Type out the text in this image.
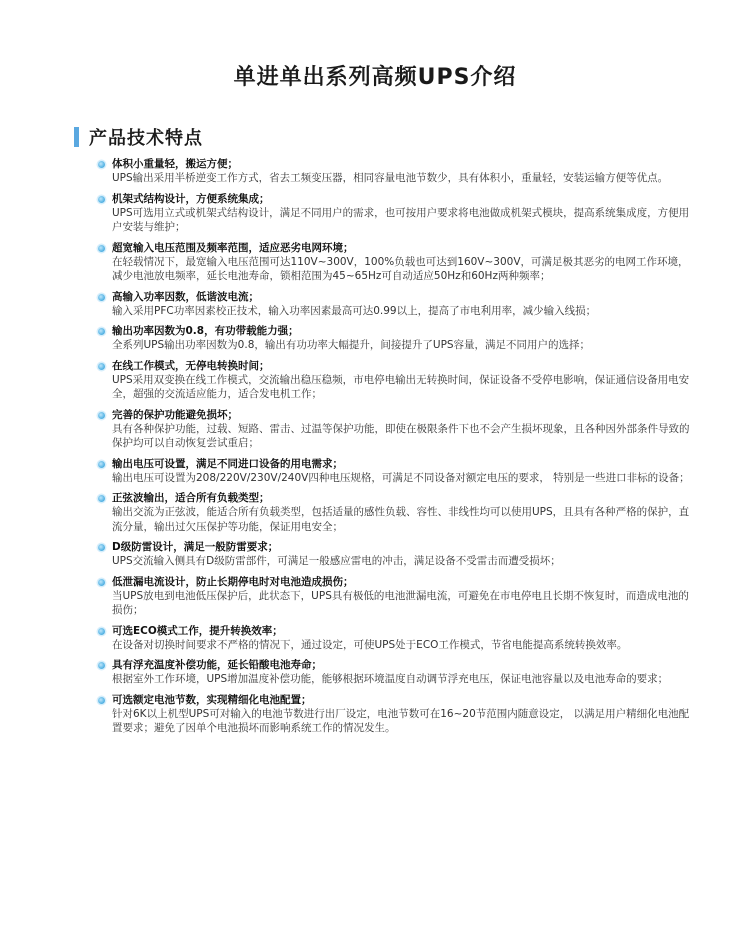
单进单出系列高频UPS介绍
产品技术特点
体积小重量轻，搬运方便；
UPS输出采用半桥逆变工作方式，省去工频变压器，相同容量电池节数少，具有体积小，重量轻，安装运输方便等优点。
机架式结构设计，方便系统集成；
UPS可选用立式或机架式结构设计，满足不同用户的需求，也可按用户要求将电池做成机架式模块，提高系统集成度，方便用户安装与维护；
超宽输入电压范围及频率范围，适应恶劣电网环境；
在轻载情况下，最宽输入电压范围可达110V~300V，100%负载也可达到160V~300V，可满足极其恶劣的电网工作环境，减少电池放电频率，延长电池寿命，锁相范围为45~65Hz可自动适应50Hz和60Hz两种频率；
高输入功率因数，低谐波电流；
输入采用PFC功率因素校正技术，输入功率因素最高可达0.99以上，提高了市电利用率，减少输入线损；
输出功率因数为0.8，有功带载能力强；
全系列UPS输出功率因数为0.8，输出有功功率大幅提升，间接提升了UPS容量，满足不同用户的选择；
在线工作模式，无停电转换时间；
UPS采用双变换在线工作模式，交流输出稳压稳频，市电停电输出无转换时间，保证设备不受停电影响，保证通信设备用电安全，超强的交流适应能力，适合发电机工作；
完善的保护功能避免损坏；
具有各种保护功能，过载、短路、雷击、过温等保护功能，即使在极限条件下也不会产生损坏现象，且各种因外部条件导致的保护均可以自动恢复尝试重启；
输出电压可设置，满足不同进口设备的用电需求；
输出电压可设置为208/220V/230V/240V四种电压规格，可满足不同设备对额定电压的要求， 特别是一些进口非标的设备；
正弦波输出，适合所有负载类型；
输出交流为正弦波，能适合所有负载类型，包括适量的感性负载、容性、非线性均可以使用UPS，且具有各种严格的保护，直流分量，输出过欠压保护等功能，保证用电安全；
D级防雷设计，满足一般防雷要求；
UPS交流输入侧具有D级防雷部件，可满足一般感应雷电的冲击，满足设备不受雷击而遭受损坏；
低泄漏电流设计，防止长期停电时对电池造成损伤；
当UPS放电到电池低压保护后，此状态下，UPS具有极低的电池泄漏电流，可避免在市电停电且长期不恢复时，而造成电池的损伤；
可选ECO模式工作，提升转换效率；
在设备对切换时间要求不严格的情况下，通过设定，可使UPS处于ECO工作模式，节省电能提高系统转换效率。
具有浮充温度补偿功能，延长铅酸电池寿命；
根据室外工作环境，UPS增加温度补偿功能，能够根据环境温度自动调节浮充电压，保证电池容量以及电池寿命的要求；
可选额定电池节数，实现精细化电池配置；
针对6K以上机型UPS可对输入的电池节数进行出厂设定，电池节数可在16~20节范围内随意设定， 以满足用户精细化电池配置要求；避免了因单个电池损坏而影响系统工作的情况发生。
